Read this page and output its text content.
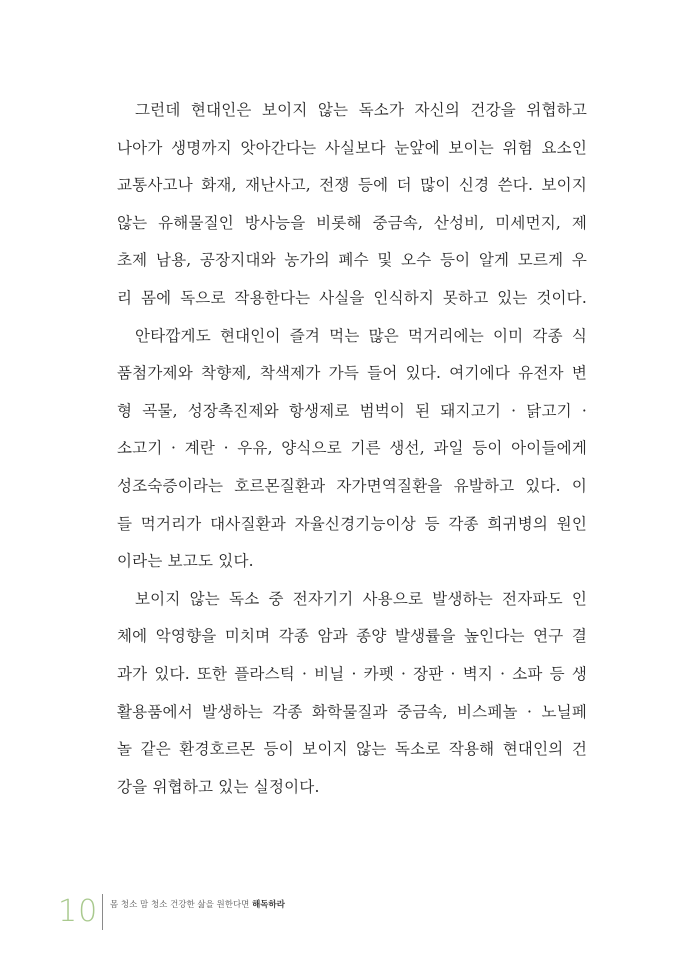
그런데 현대인은 보이지 않는 독소가 자신의 건강을 위협하고
나아가 생명까지 앗아간다는 사실보다 눈앞에 보이는 위험 요소인
교통사고나 화재, 재난사고, 전쟁 등에 더 많이 신경 쓴다. 보이지
않는 유해물질인 방사능을 비롯해 중금속, 산성비, 미세먼지, 제
초제 남용, 공장지대와 농가의 폐수 및 오수 등이 알게 모르게 우
리 몸에 독으로 작용한다는 사실을 인식하지 못하고 있는 것이다.
안타깝게도 현대인이 즐겨 먹는 많은 먹거리에는 이미 각종 식
품첨가제와 착향제, 착색제가 가득 들어 있다. 여기에다 유전자 변
형 곡물, 성장촉진제와 항생제로 범벅이 된 돼지고기 · 닭고기 ·
소고기 · 계란 · 우유, 양식으로 기른 생선, 과일 등이 아이들에게
성조숙증이라는 호르몬질환과 자가면역질환을 유발하고 있다. 이
들 먹거리가 대사질환과 자율신경기능이상 등 각종 희귀병의 원인
이라는 보고도 있다.
보이지 않는 독소 중 전자기기 사용으로 발생하는 전자파도 인
체에 악영향을 미치며 각종 암과 종양 발생률을 높인다는 연구 결
과가 있다. 또한 플라스틱 · 비닐 · 카펫 · 장판 · 벽지 · 소파 등 생
활용품에서 발생하는 각종 화학물질과 중금속, 비스페놀 · 노닐페
놀 같은 환경호르몬 등이 보이지 않는 독소로 작용해 현대인의 건
강을 위협하고 있는 실정이다.
10 몸 청소 맘 청소 건강한 삶을 원한다면 해독하라
